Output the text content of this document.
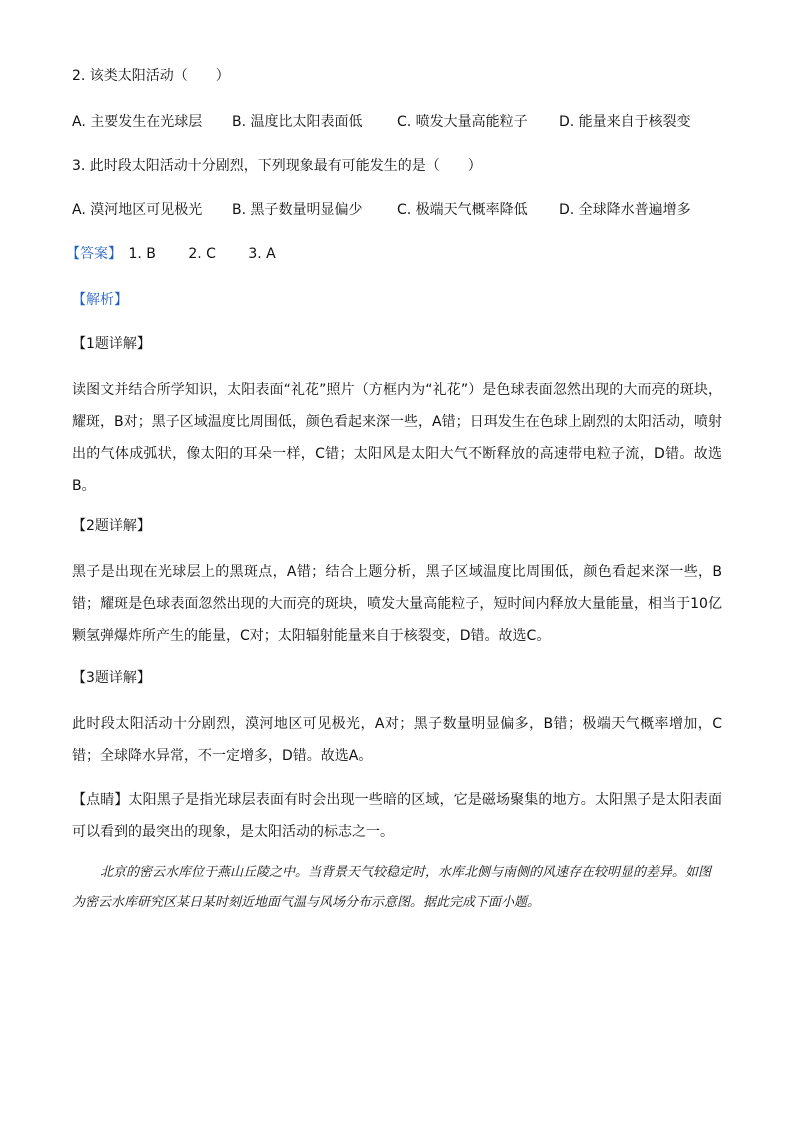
2. 该类太阳活动（　　）
A. 主要发生在光球层 B. 温度比太阳表面低 C. 喷发大量高能粒子 D. 能量来自于核裂变
3. 此时段太阳活动十分剧烈，下列现象最有可能发生的是（　　）
A. 漠河地区可见极光 B. 黑子数量明显偏少 C. 极端天气概率降低 D. 全球降水普遍增多
【答案】 1. B 2. C 3. A
【解析】
【1题详解】
读图文并结合所学知识，太阳表面“礼花”照片（方框内为“礼花”）是色球表面忽然出现的大而亮的斑块，耀斑，B对；黑子区域温度比周围低，颜色看起来深一些，A错；日珥发生在色球上剧烈的太阳活动，喷射出的气体成弧状，像太阳的耳朵一样，C错；太阳风是太阳大气不断释放的高速带电粒子流，D错。故选B。
【2题详解】
黑子是出现在光球层上的黑斑点，A错；结合上题分析，黑子区域温度比周围低，颜色看起来深一些，B错；耀斑是色球表面忽然出现的大而亮的斑块，喷发大量高能粒子，短时间内释放大量能量，相当于10亿颗氢弹爆炸所产生的能量，C对；太阳辐射能量来自于核裂变，D错。故选C。
【3题详解】
此时段太阳活动十分剧烈，漠河地区可见极光，A对；黑子数量明显偏多，B错；极端天气概率增加，C错；全球降水异常，不一定增多，D错。故选A。
【点睛】太阳黑子是指光球层表面有时会出现一些暗的区域，它是磁场聚集的地方。太阳黑子是太阳表面可以看到的最突出的现象，是太阳活动的标志之一。
北京的密云水库位于燕山丘陵之中。当背景天气较稳定时，水库北侧与南侧的风速存在较明显的差异。如图为密云水库研究区某日某时刻近地面气温与风场分布示意图。据此完成下面小题。
